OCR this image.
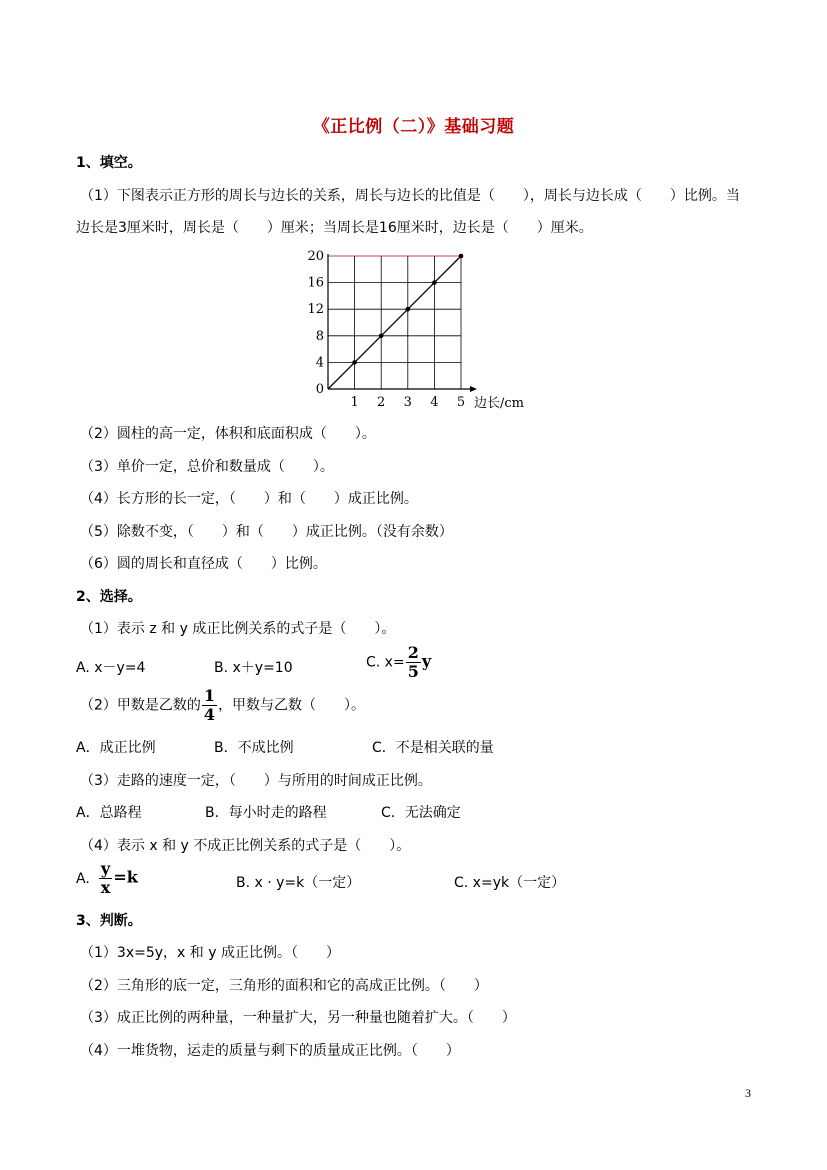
《正比例（二）》基础习题
1、填空。
（1）下图表示正方形的周长与边长的关系，周长与边长的比值是（　　），周长与边长成（　　）比例。当
边长是3厘米时，周长是（　　）厘米；当周长是16厘米时，边长是（　　）厘米。
1 2 3 4 5
0
4
8
12
16
20
边长/cm
（2）圆柱的高一定，体积和底面积成（　　）。
（3）单价一定，总价和数量成（　　）。
（4）长方形的长一定，（　　）和（　　）成正比例。
（5）除数不变，（　　）和（　　）成正比例。（没有余数）
（6）圆的周长和直径成（　　）比例。
2、选择。
（1）表示 z 和 y 成正比例关系的式子是（　　）。
A. x－y=4	B. x＋y=10	C. $x= \frac{2}{5}$ y
（2）甲数是乙数的 $\frac{1}{4}$ ，甲数与乙数（　　）。
A．成正比例	B．不成比例	C．不是相关联的量
（3）走路的速度一定，（　　）与所用的时间成正比例。
A．总路程	B．每小时走的路程	C．无法确定
（4）表示 x 和 y 不成正比例关系的式子是（　　）。
A. $\frac{y}{x} =k$	B. x · y=k（一定）	C. x=yk（一定）
3、判断。
（1）3x=5y，x 和 y 成正比例。（　　）
（2）三角形的底一定，三角形的面积和它的高成正比例。（　　）
（3）成正比例的两种量，一种量扩大，另一种量也随着扩大。（　　）
（4）一堆货物，运走的质量与剩下的质量成正比例。（　　）
3
